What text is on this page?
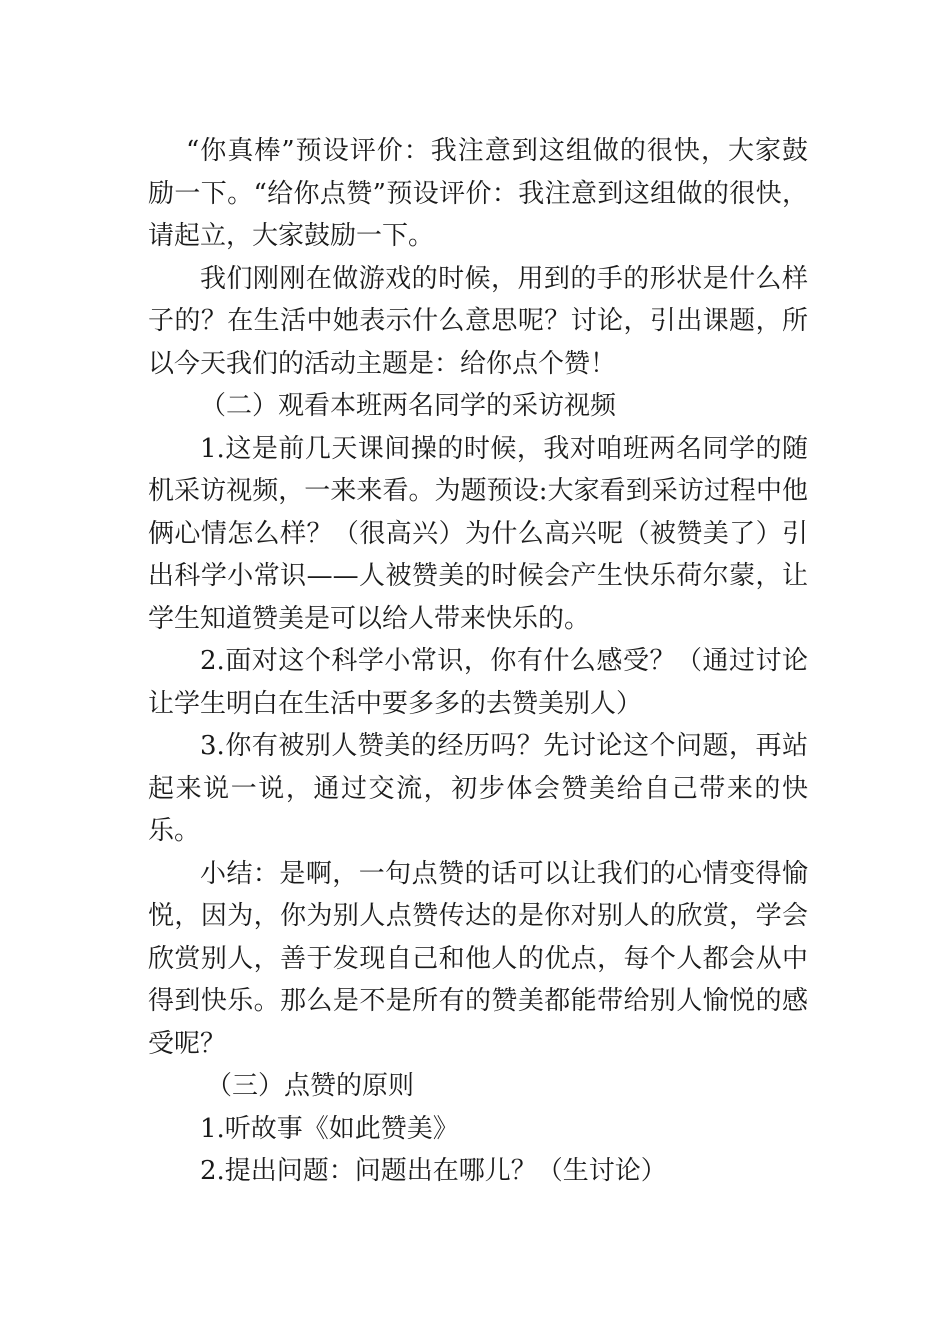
“你真棒”预设评价：我注意到这组做的很快，大家鼓励一下。“给你点赞”预设评价：我注意到这组做的很快，请起立，大家鼓励一下。

我们刚刚在做游戏的时候，用到的手的形状是什么样子的？在生活中她表示什么意思呢？讨论，引出课题，所以今天我们的活动主题是：给你点个赞！

（二）观看本班两名同学的采访视频

1.这是前几天课间操的时候，我对咱班两名同学的随机采访视频，一来来看。为题预设:大家看到采访过程中他俩心情怎么样？（很高兴）为什么高兴呢（被赞美了）引出科学小常识——人被赞美的时候会产生快乐荷尔蒙，让学生知道赞美是可以给人带来快乐的。

2.面对这个科学小常识，你有什么感受？（通过讨论让学生明白在生活中要多多的去赞美别人）

3.你有被别人赞美的经历吗？先讨论这个问题，再站起来说一说，通过交流，初步体会赞美给自己带来的快乐。

小结：是啊，一句点赞的话可以让我们的心情变得愉悦，因为，你为别人点赞传达的是你对别人的欣赏，学会欣赏别人，善于发现自己和他人的优点，每个人都会从中得到快乐。那么是不是所有的赞美都能带给别人愉悦的感受呢？

（三）点赞的原则

1.听故事《如此赞美》

2.提出问题：问题出在哪儿？（生讨论）
